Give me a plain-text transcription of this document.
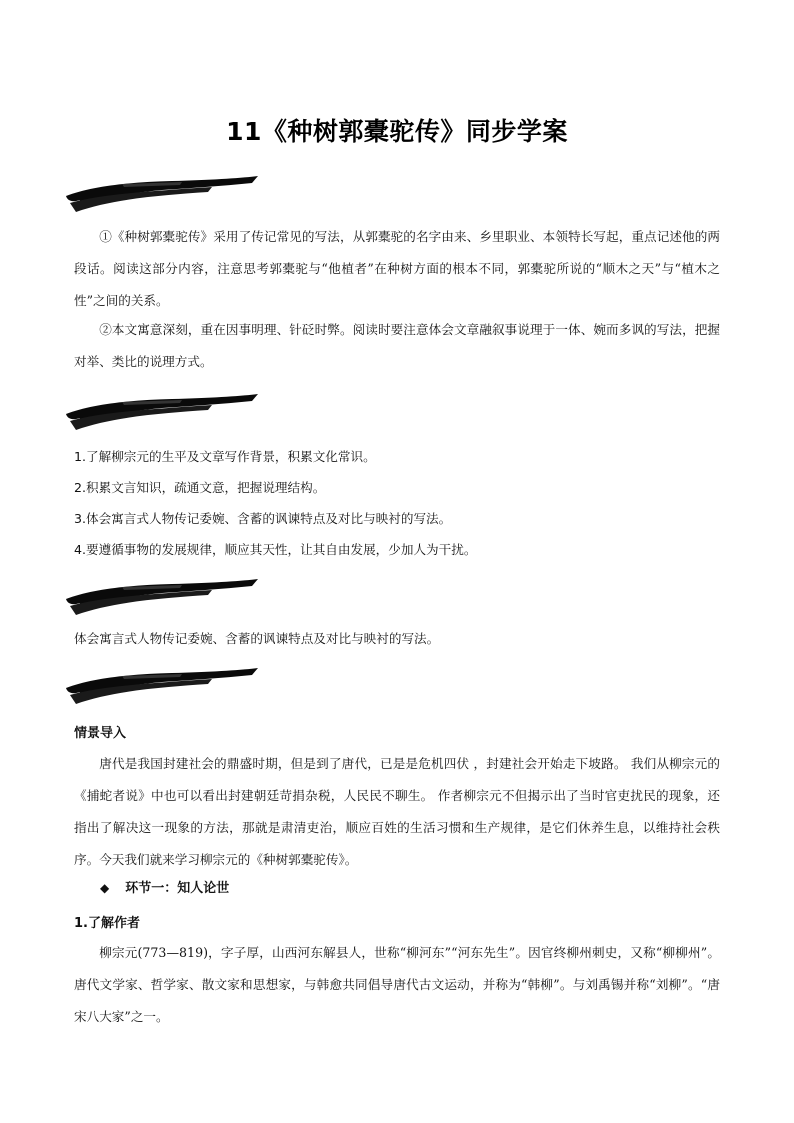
11《种树郭橐驼传》同步学案

①《种树郭橐驼传》采用了传记常见的写法，从郭橐驼的名字由来、乡里职业、本领特长写起，重点记述他的两段话。阅读这部分内容，注意思考郭橐驼与“他植者”在种树方面的根本不同，郭橐驼所说的“顺木之天”与“植木之性”之间的关系。

②本文寓意深刻，重在因事明理、针砭时弊。阅读时要注意体会文章融叙事说理于一体、婉而多讽的写法，把握对举、类比的说理方式。

1.了解柳宗元的生平及文章写作背景，积累文化常识。

2.积累文言知识，疏通文意，把握说理结构。

3.体会寓言式人物传记委婉、含蓄的讽谏特点及对比与映衬的写法。

4.要遵循事物的发展规律，顺应其天性，让其自由发展，少加人为干扰。

体会寓言式人物传记委婉、含蓄的讽谏特点及对比与映衬的写法。

情景导入

唐代是我国封建社会的鼎盛时期，但是到了唐代，已是是危机四伏 ，封建社会开始走下坡路。 我们从柳宗元的《捕蛇者说》中也可以看出封建朝廷苛捐杂税，人民民不聊生。 作者柳宗元不但揭示出了当时官吏扰民的现象，还指出了解决这一现象的方法，那就是肃清吏治，顺应百姓的生活习惯和生产规律，是它们休养生息，以维持社会秩序。今天我们就来学习柳宗元的《种树郭橐驼传》。

◆ 环节一：知人论世

1.了解作者

柳宗元(773—819)，字子厚，山西河东解县人，世称“柳河东”“河东先生”。因官终柳州刺史，又称“柳柳州”。唐代文学家、哲学家、散文家和思想家，与韩愈共同倡导唐代古文运动，并称为“韩柳”。与刘禹锡并称“刘柳”。“唐宋八大家”之一。
